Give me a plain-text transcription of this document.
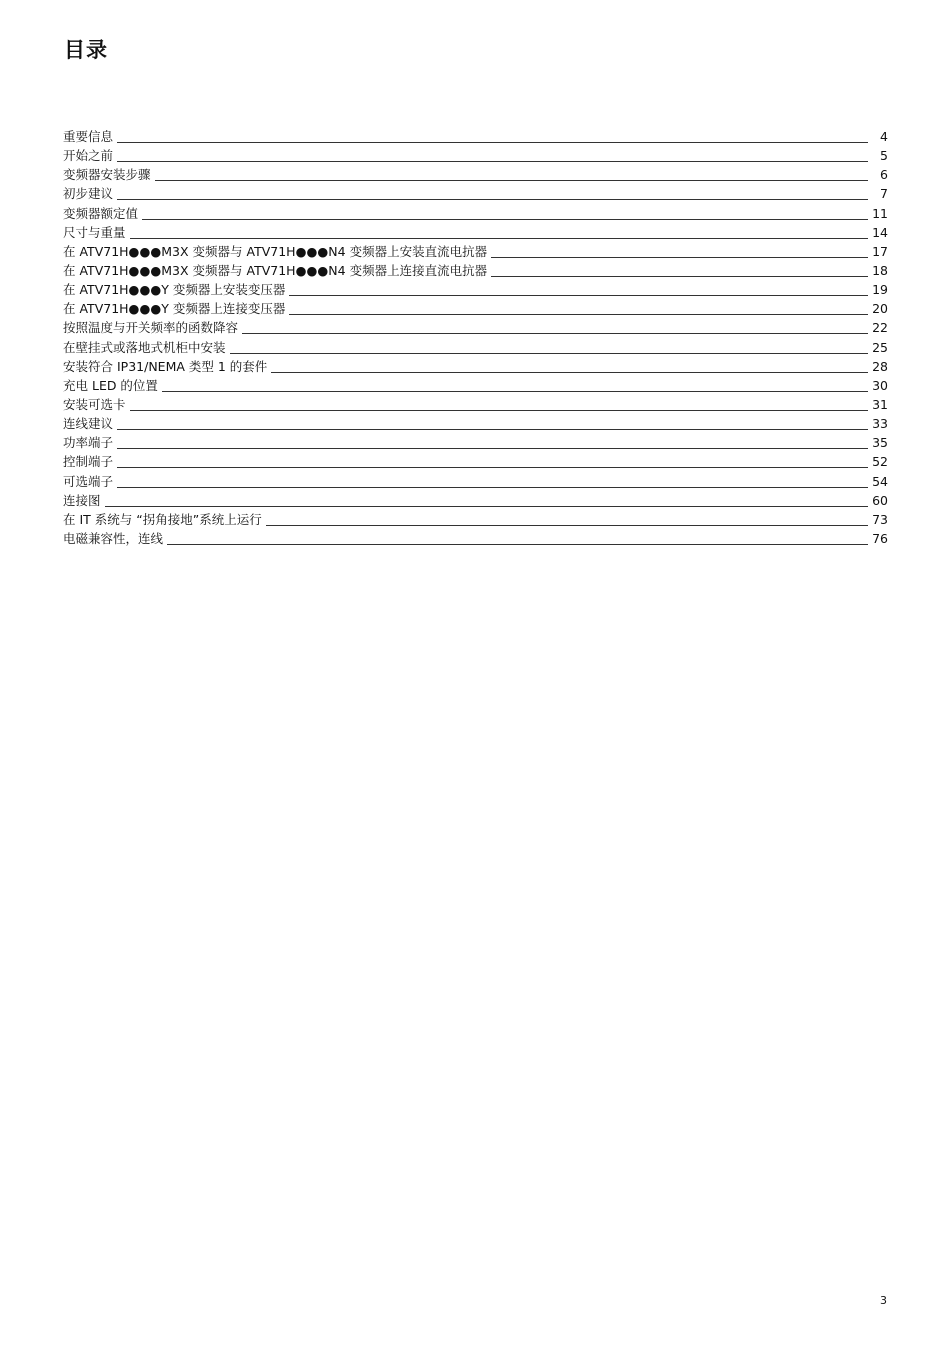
目录
重要信息	4
开始之前	5
变频器安装步骤	6
初步建议	7
变频器额定值	11
尺寸与重量	14
在 ATV71H●●●M3X 变频器与 ATV71H●●●N4 变频器上安装直流电抗器	17
在 ATV71H●●●M3X 变频器与 ATV71H●●●N4 变频器上连接直流电抗器	18
在 ATV71H●●●Y 变频器上安装变压器	19
在 ATV71H●●●Y 变频器上连接变压器	20
按照温度与开关频率的函数降容	22
在壁挂式或落地式机柜中安装	25
安装符合 IP31/NEMA 类型 1 的套件	28
充电 LED 的位置	30
安装可选卡	31
连线建议	33
功率端子	35
控制端子	52
可选端子	54
连接图	60
在 IT 系统与 “拐角接地”系统上运行	73
电磁兼容性，连线	76
3
